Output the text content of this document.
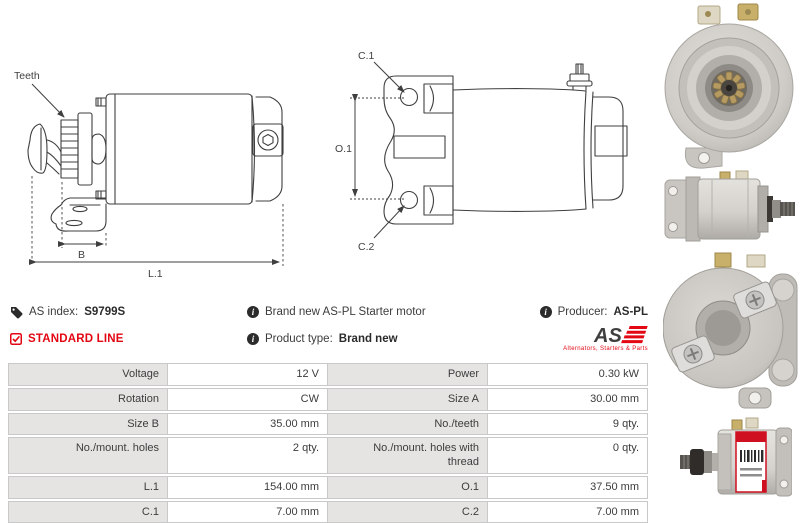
Teeth
B
L.1
C.1
O.1
C.2
AS index: S9799S
STANDARD LINE
i Brand new AS-PL Starter motor
i Product type: Brand new
i Producer: AS-PL
AS
Alternators, Starters & Parts
Voltage	12 V	Power	0.30 kW
Rotation	CW	Size A	30.00 mm
Size B	35.00 mm	No./teeth	9 qty.
No./mount. holes	2 qty.	No./mount. holes with thread	0 qty.
L.1	154.00 mm	O.1	37.50 mm
C.1	7.00 mm	C.2	7.00 mm
